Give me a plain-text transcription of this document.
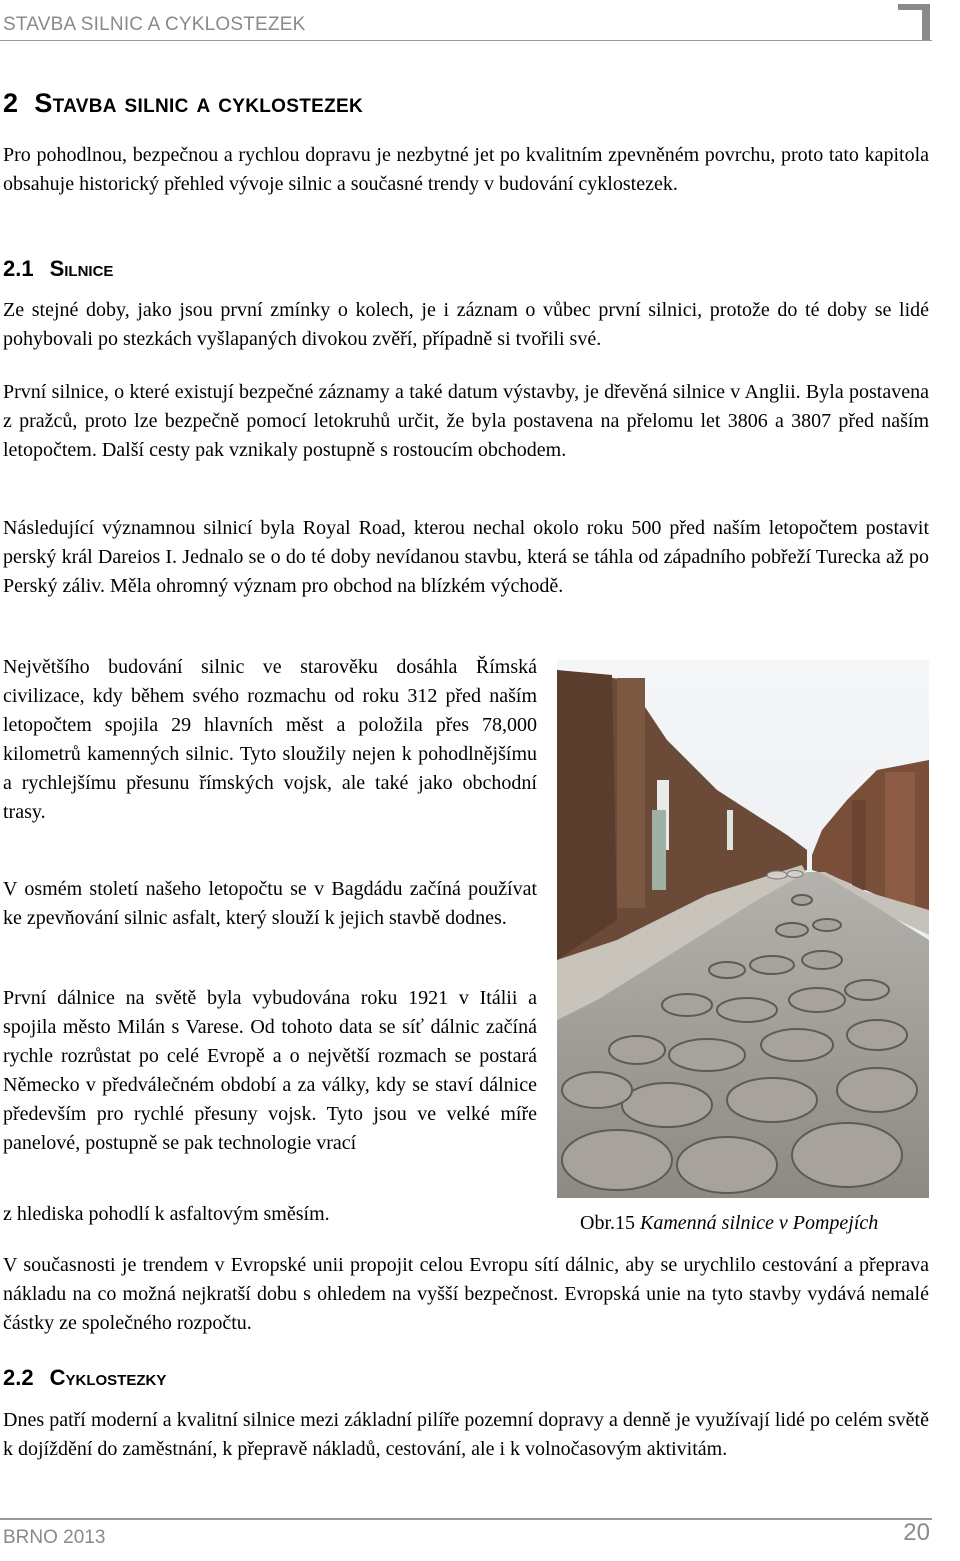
STAVBA SILNIC A CYKLOSTEZEK
2 Stavba silnic a cyklostezek

Pro pohodlnou, bezpečnou a rychlou dopravu je nezbytné jet po kvalitním zpevněném povrchu, proto tato kapitola obsahuje historický přehled vývoje silnic a současné trendy v budování cyklostezek.

2.1 Silnice

Ze stejné doby, jako jsou první zmínky o kolech, je i záznam o vůbec první silnici, protože do té doby se lidé pohybovali po stezkách vyšlapaných divokou zvěří, případně si tvořili své.

První silnice, o které existují bezpečné záznamy a také datum výstavby, je dřevěná silnice v Anglii. Byla postavena z pražců, proto lze bezpečně pomocí letokruhů určit, že byla postavena na přelomu let 3806 a 3807 před naším letopočtem. Další cesty pak vznikaly postupně s rostoucím obchodem.

Následující významnou silnicí byla Royal Road, kterou nechal okolo roku 500 před naším letopočtem postavit perský král Dareios I. Jednalo se o do té doby nevídanou stavbu, která se táhla od západního pobřeží Turecka až po Perský záliv. Měla ohromný význam pro obchod na blízkém východě.

Největšího budování silnic ve starověku dosáhla Římská civilizace, kdy během svého rozmachu od roku 312 před naším letopočtem spojila 29 hlavních měst a položila přes 78,000 kilometrů kamenných silnic. Tyto sloužily nejen k pohodlnějšímu a rychlejšímu přesunu římských vojsk, ale také jako obchodní trasy.

V osmém století našeho letopočtu se v Bagdádu začíná používat ke zpevňování silnic asfalt, který slouží k jejich stavbě dodnes.

První dálnice na světě byla vybudována roku 1921 v Itálii a spojila město Milán s Varese. Od tohoto data se síť dálnic začíná rychle rozrůstat po celé Evropě a o největší rozmach se postará Německo v předválečném období a za války, kdy se staví dálnice především pro rychlé přesuny vojsk. Tyto jsou ve velké míře panelové, postupně se pak technologie vrací

z hlediska pohodlí k asfaltovým směsím.	Obr.15 Kamenná silnice v Pompejích

V současnosti je trendem v Evropské unii propojit celou Evropu sítí dálnic, aby se urychlilo cestování a přeprava nákladu na co možná nejkratší dobu s ohledem na vyšší bezpečnost. Evropská unie na tyto stavby vydává nemalé částky ze společného rozpočtu.

2.2 Cyklostezky

Dnes patří moderní a kvalitní silnice mezi základní pilíře pozemní dopravy a denně je využívají lidé po celém světě k dojíždění do zaměstnání, k přepravě nákladů, cestování, ale i k volnočasovým aktivitám.

BRNO 2013	20
